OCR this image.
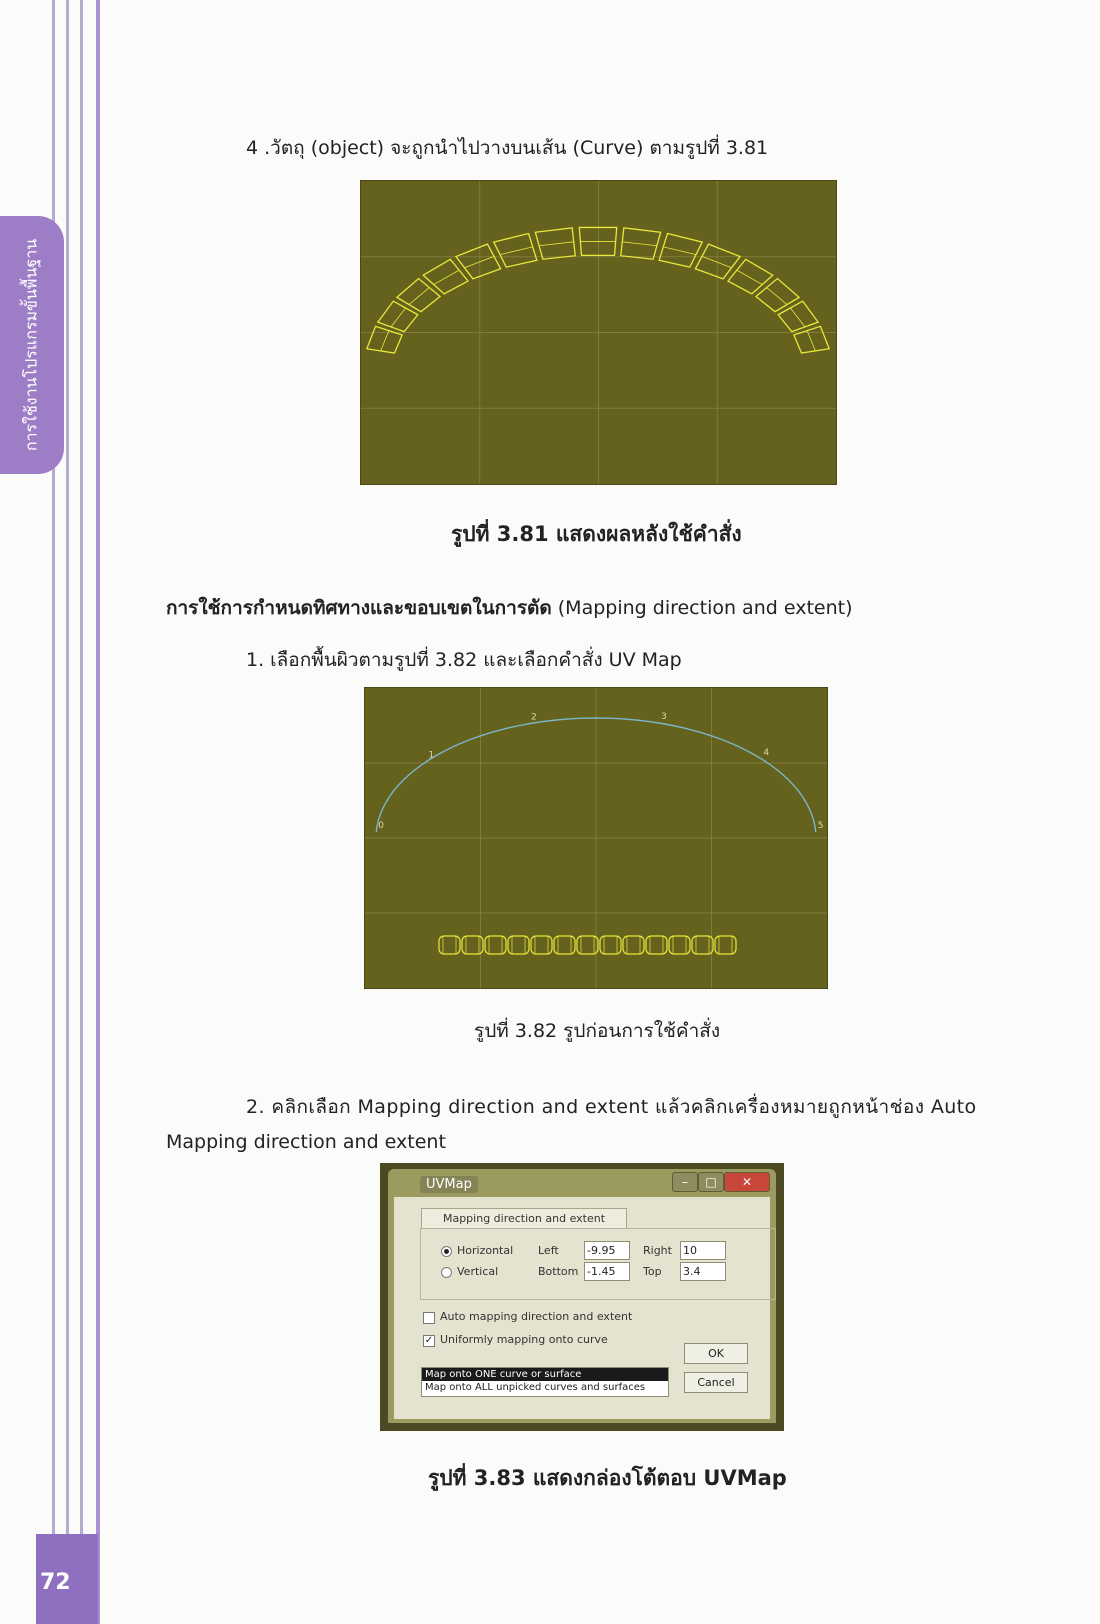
การใช้งานโปรแกรมขั้นพื้นฐาน
72
4 .วัตถุ (object) จะถูกนำไปวางบนเส้น (Curve) ตามรูปที่ 3.81
รูปที่ 3.81 แสดงผลหลังใช้คำสั่ง
การใช้การกำหนดทิศทางและขอบเขตในการตัด (Mapping direction and extent)
1. เลือกพื้นผิวตามรูปที่ 3.82 และเลือกคำสั่ง UV Map
0
1
2	3
4
5
รูปที่ 3.82 รูปก่อนการใช้คำสั่ง
2. คลิกเลือก Mapping direction and extent แล้วคลิกเครื่องหมายถูกหน้าช่อง Auto
Mapping direction and extent
UVMap	–	□	✕
Mapping direction and extent
Horizontal
Vertical
Left	-9.95
Bottom -1.45
Right 10
Top 3.4
Auto mapping direction and extent
✓ Uniformly mapping onto curve
Map onto ONE curve or surface
Map onto ALL unpicked curves and surfaces
OK
Cancel
รูปที่ 3.83 แสดงกล่องโต้ตอบ UVMap
